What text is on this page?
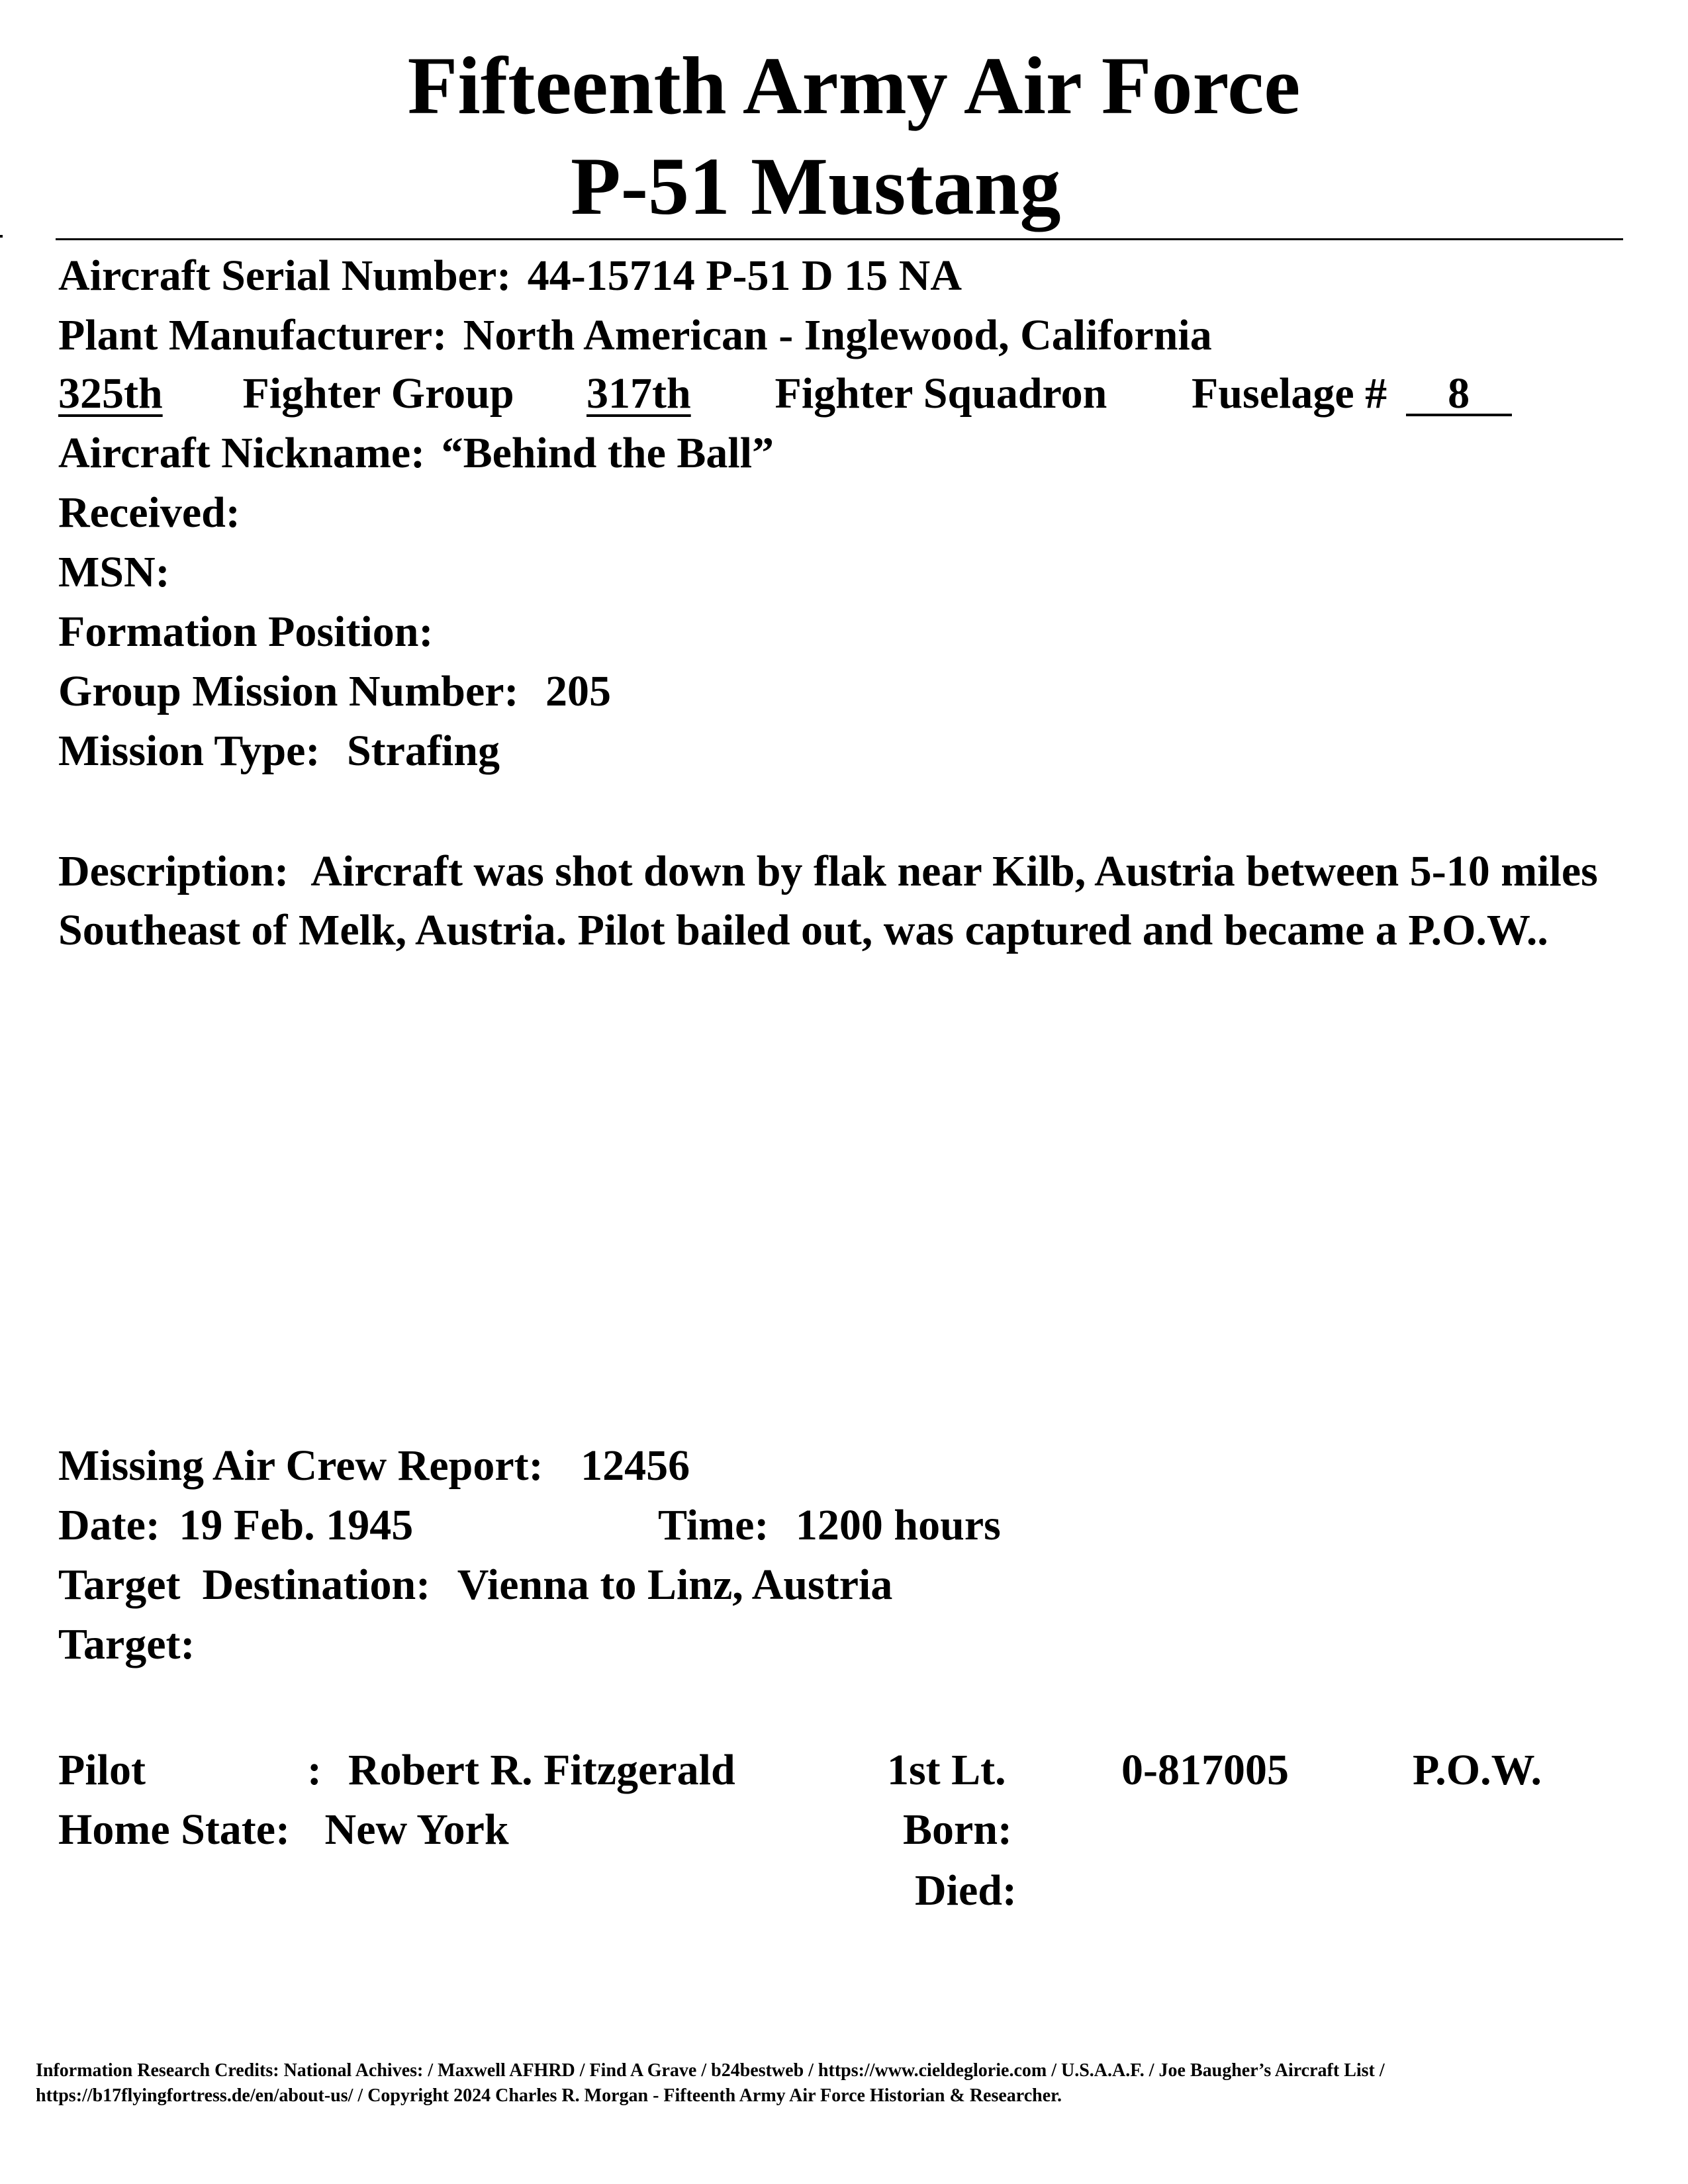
Fifteenth Army Air Force
P-51 Mustang
Aircraft Serial Number: 44-15714 P-51 D 15 NA
Plant Manufacturer: North American - Inglewood, California
325th Fighter Group 317th Fighter Squadron Fuselage # 8
Aircraft Nickname: “Behind the Ball”
Received:
MSN:
Formation Position:
Group Mission Number: 205
Mission Type: Strafing
Description: Aircraft was shot down by flak near Kilb, Austria between 5-10 miles Southeast of Melk, Austria. Pilot bailed out, was captured and became a P.O.W..
Missing Air Crew Report: 12456
Date: 19 Feb. 1945	Time: 1200 hours
Target  Destination: Vienna to Linz, Austria
Target:
Pilot	: Robert R. Fitzgerald	1st Lt.	0-817005	P.O.W.
Home State: New York	Born:
Died:
Information Research Credits: National Achives: / Maxwell AFHRD / Find A Grave / b24bestweb / https://www.cieldeglorie.com / U.S.A.A.F. / Joe Baugher’s Aircraft List / https://b17flyingfortress.de/en/about-us/ / Copyright 2024 Charles R. Morgan - Fifteenth Army Air Force Historian & Researcher.
